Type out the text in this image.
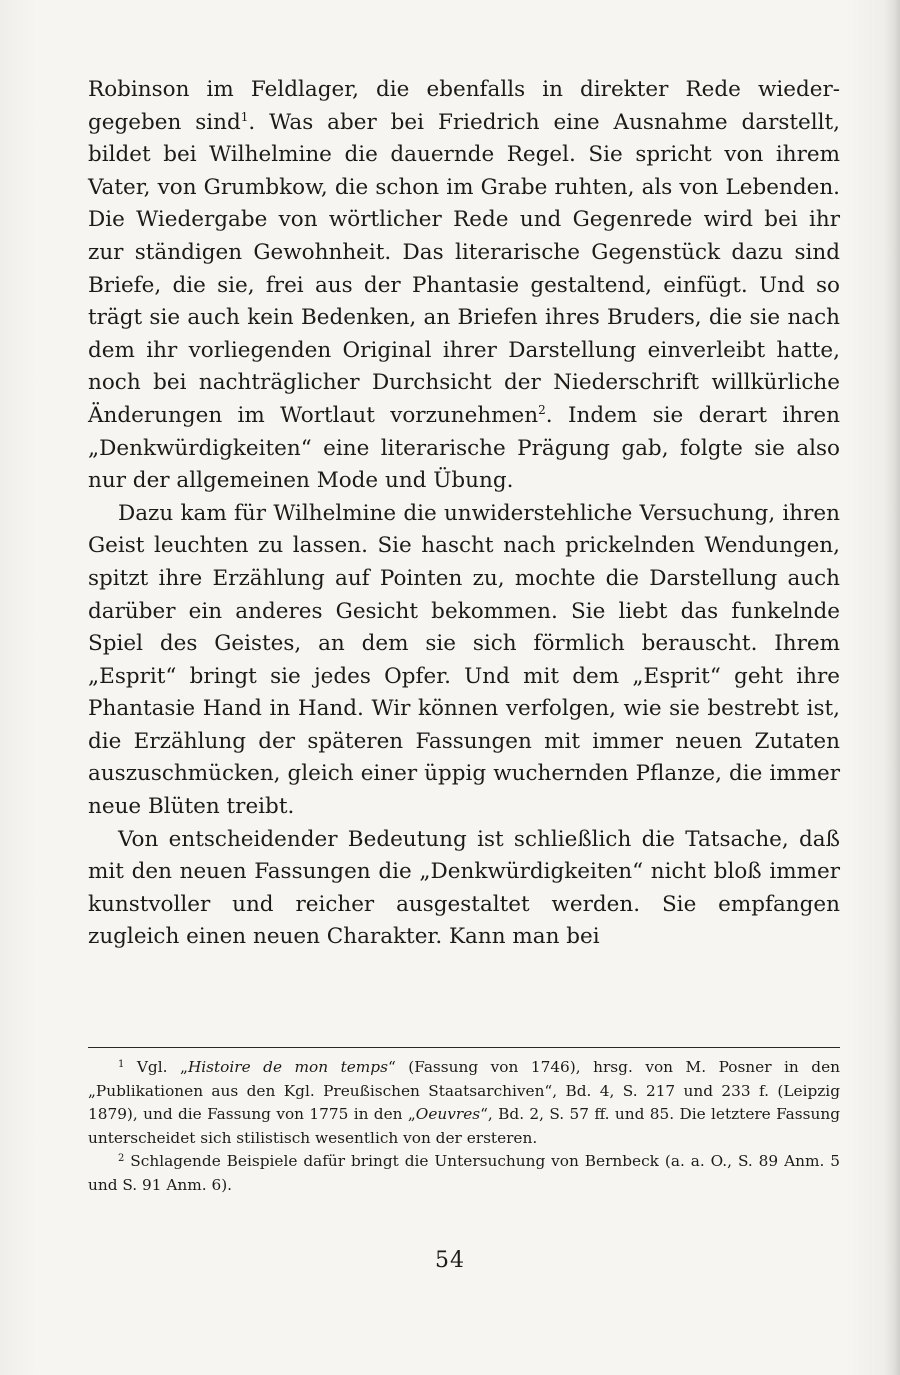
Robinson im Feldlager, die ebenfalls in direkter Rede wiedergegeben sind$^1$. Was aber bei Friedrich eine Ausnahme darstellt, bildet bei Wilhelmine die dauernde Regel. Sie spricht von ihrem Vater, von Grumbkow, die schon im Grabe ruhten, als von Lebenden. Die Wiedergabe von wörtlicher Rede und Gegenrede wird bei ihr zur ständigen Gewohnheit. Das literarische Gegenstück dazu sind Briefe, die sie, frei aus der Phantasie gestaltend, einfügt. Und so trägt sie auch kein Bedenken, an Briefen ihres Bruders, die sie nach dem ihr vorliegenden Original ihrer Darstellung einverleibt hatte, noch bei nachträglicher Durchsicht der Niederschrift willkürliche Änderungen im Wortlaut vorzunehmen$^2$. Indem sie derart ihren „Denkwürdigkeiten“ eine literarische Prägung gab, folgte sie also nur der allgemeinen Mode und Übung.

Dazu kam für Wilhelmine die unwiderstehliche Versuchung, ihren Geist leuchten zu lassen. Sie hascht nach prickelnden Wendungen, spitzt ihre Erzählung auf Pointen zu, mochte die Darstellung auch darüber ein anderes Gesicht bekommen. Sie liebt das funkelnde Spiel des Geistes, an dem sie sich förmlich berauscht. Ihrem „Esprit“ bringt sie jedes Opfer. Und mit dem „Esprit“ geht ihre Phantasie Hand in Hand. Wir können verfolgen, wie sie bestrebt ist, die Erzählung der späteren Fassungen mit immer neuen Zutaten auszuschmücken, gleich einer üppig wuchernden Pflanze, die immer neue Blüten treibt.

Von entscheidender Bedeutung ist schließlich die Tatsache, daß mit den neuen Fassungen die „Denkwürdigkeiten“ nicht bloß immer kunstvoller und reicher ausgestaltet werden. Sie empfangen zugleich einen neuen Charakter. Kann man bei

$^1$ Vgl. „Histoire de mon temps“ (Fassung von 1746), hrsg. von M. Posner in den „Publikationen aus den Kgl. Preußischen Staatsarchiven“, Bd. 4, S. 217 und 233 f. (Leipzig 1879), und die Fassung von 1775 in den „Oeuvres“, Bd. 2, S. 57 ff. und 85. Die letztere Fassung unterscheidet sich stilistisch wesentlich von der ersteren.

$^2$ Schlagende Beispiele dafür bringt die Untersuchung von Bernbeck (a. a. O., S. 89 Anm. 5 und S. 91 Anm. 6).

54
